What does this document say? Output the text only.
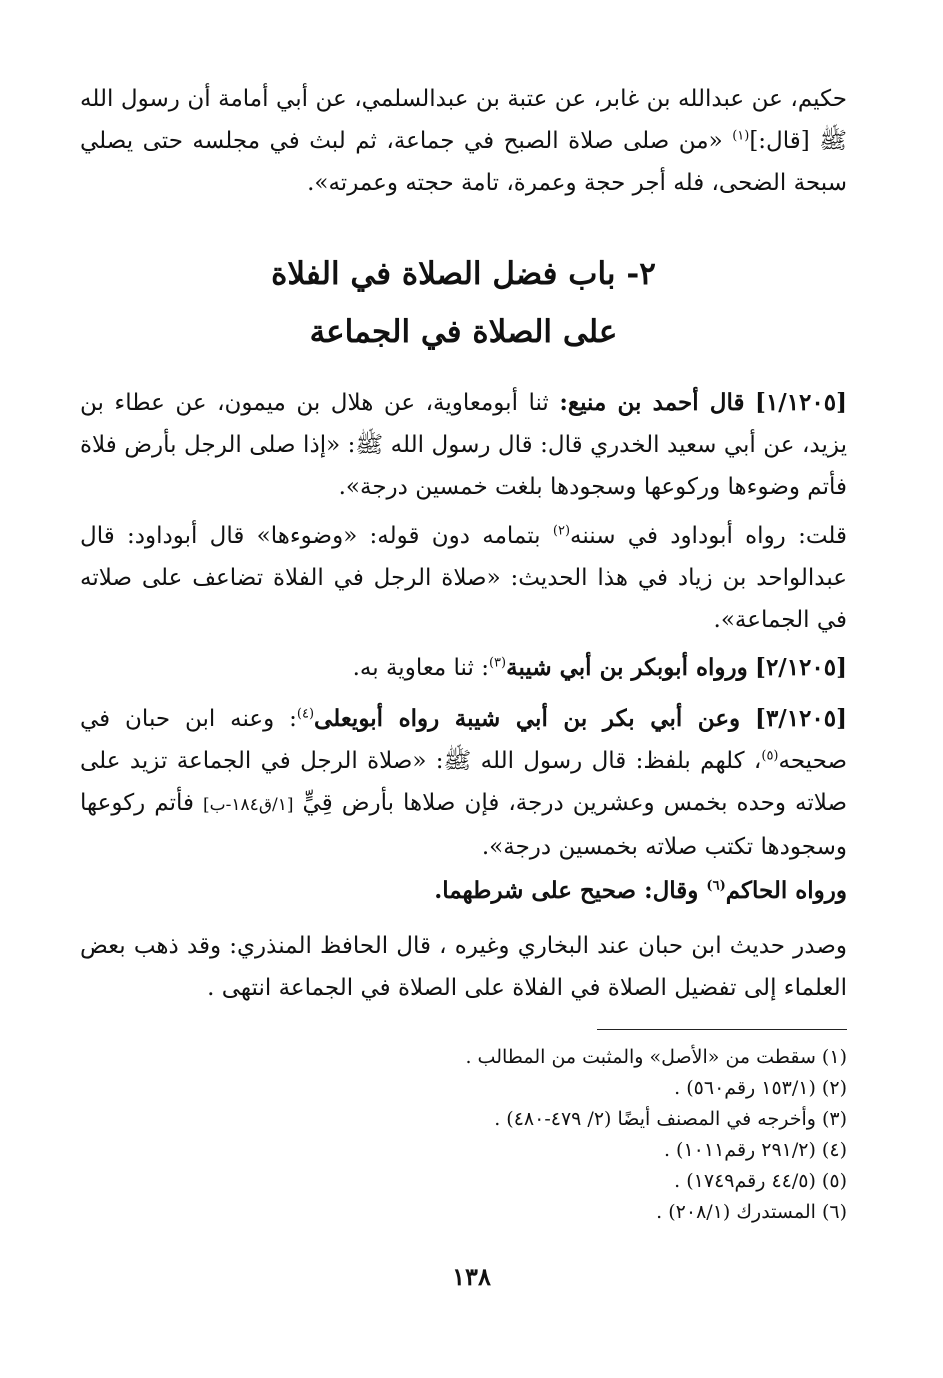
حكيم، عن عبدالله بن غابر، عن عتبة بن عبدالسلمي، عن أبي أمامة أن رسول الله ﷺ [قال:]$^{(١)}$ «من صلى صلاة الصبح في جماعة، ثم لبث في مجلسه حتى يصلي سبحة الضحى، فله أجر حجة وعمرة، تامة حجته وعمرته».
٢- باب فضل الصلاة في الفلاة
على الصلاة في الجماعة
[١/١٢٠٥] قال أحمد بن منيع: ثنا أبومعاوية، عن هلال بن ميمون، عن عطاء بن يزيد، عن أبي سعيد الخدري قال: قال رسول الله ﷺ: «إذا صلى الرجل بأرض فلاة فأتم وضوءها وركوعها وسجودها بلغت خمسين درجة».
قلت: رواه أبوداود في سننه$^{(٢)}$ بتمامه دون قوله: «وضوءها» قال أبوداود: قال عبدالواحد بن زياد في هذا الحديث: «صلاة الرجل في الفلاة تضاعف على صلاته في الجماعة».
[٢/١٢٠٥] ورواه أبوبكر بن أبي شيبة$^{(٣)}$: ثنا معاوية به.
[٣/١٢٠٥] وعن أبي بكر بن أبي شيبة رواه أبويعلى$^{(٤)}$: وعنه ابن حبان في صحيحه$^{(٥)}$، كلهم بلفظ: قال رسول الله ﷺ: «صلاة الرجل في الجماعة تزيد على صلاته وحده بخمس وعشرين درجة، فإن صلاها بأرض قِيٍّ [١/ق١٨٤-ب] فأتم ركوعها وسجودها تكتب صلاته بخمسين درجة».
ورواه الحاكم$^{(٦)}$ وقال: صحيح على شرطهما.
وصدر حديث ابن حبان عند البخاري وغيره ، قال الحافظ المنذري: وقد ذهب بعض العلماء إلى تفضيل الصلاة في الفلاة على الصلاة في الجماعة انتهى .
(١) سقطت من «الأصل» والمثبت من المطالب .
(٢) (١٥٣/١ رقم٥٦٠) .
(٣) وأخرجه في المصنف أيضًا (٢/ ٤٧٩-٤٨٠) .
(٤) (٢٩١/٢ رقم١٠١١) .
(٥) (٤٤/٥ رقم١٧٤٩) .
(٦) المستدرك (٢٠٨/١) .
١٣٨
